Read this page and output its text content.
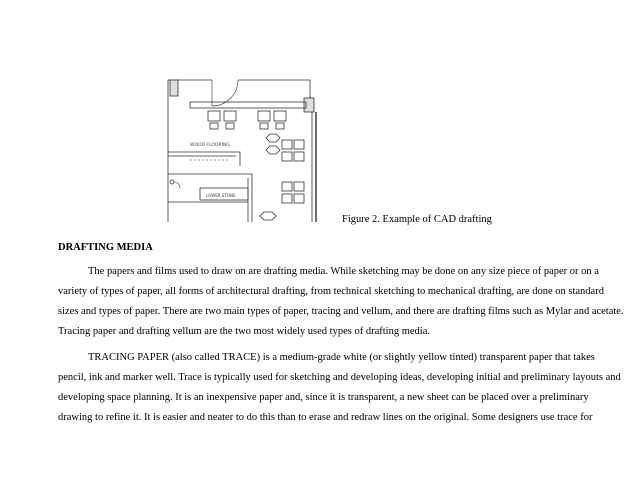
WOOD FLOORING
LOWER STONE
Figure 2. Example of CAD drafting
DRAFTING MEDIA
The papers and films used to draw on are drafting media. While sketching may be done on any size piece of paper or on a
variety of types of paper, all forms of architectural drafting, from technical sketching to mechanical drafting, are done on standard
sizes and types of paper. There are two main types of paper, tracing and vellum, and there are drafting films such as Mylar and acetate.
Tracing paper and drafting vellum are the two most widely used types of drafting media.
TRACING PAPER (also called TRACE) is a medium-grade white (or slightly yellow tinted) transparent paper that takes
pencil, ink and marker well. Trace is typically used for sketching and developing ideas, developing initial and preliminary layouts and
developing space planning. It is an inexpensive paper and, since it is transparent, a new sheet can be placed over a preliminary
drawing to refine it. It is easier and neater to do this than to erase and redraw lines on the original. Some designers use trace for
